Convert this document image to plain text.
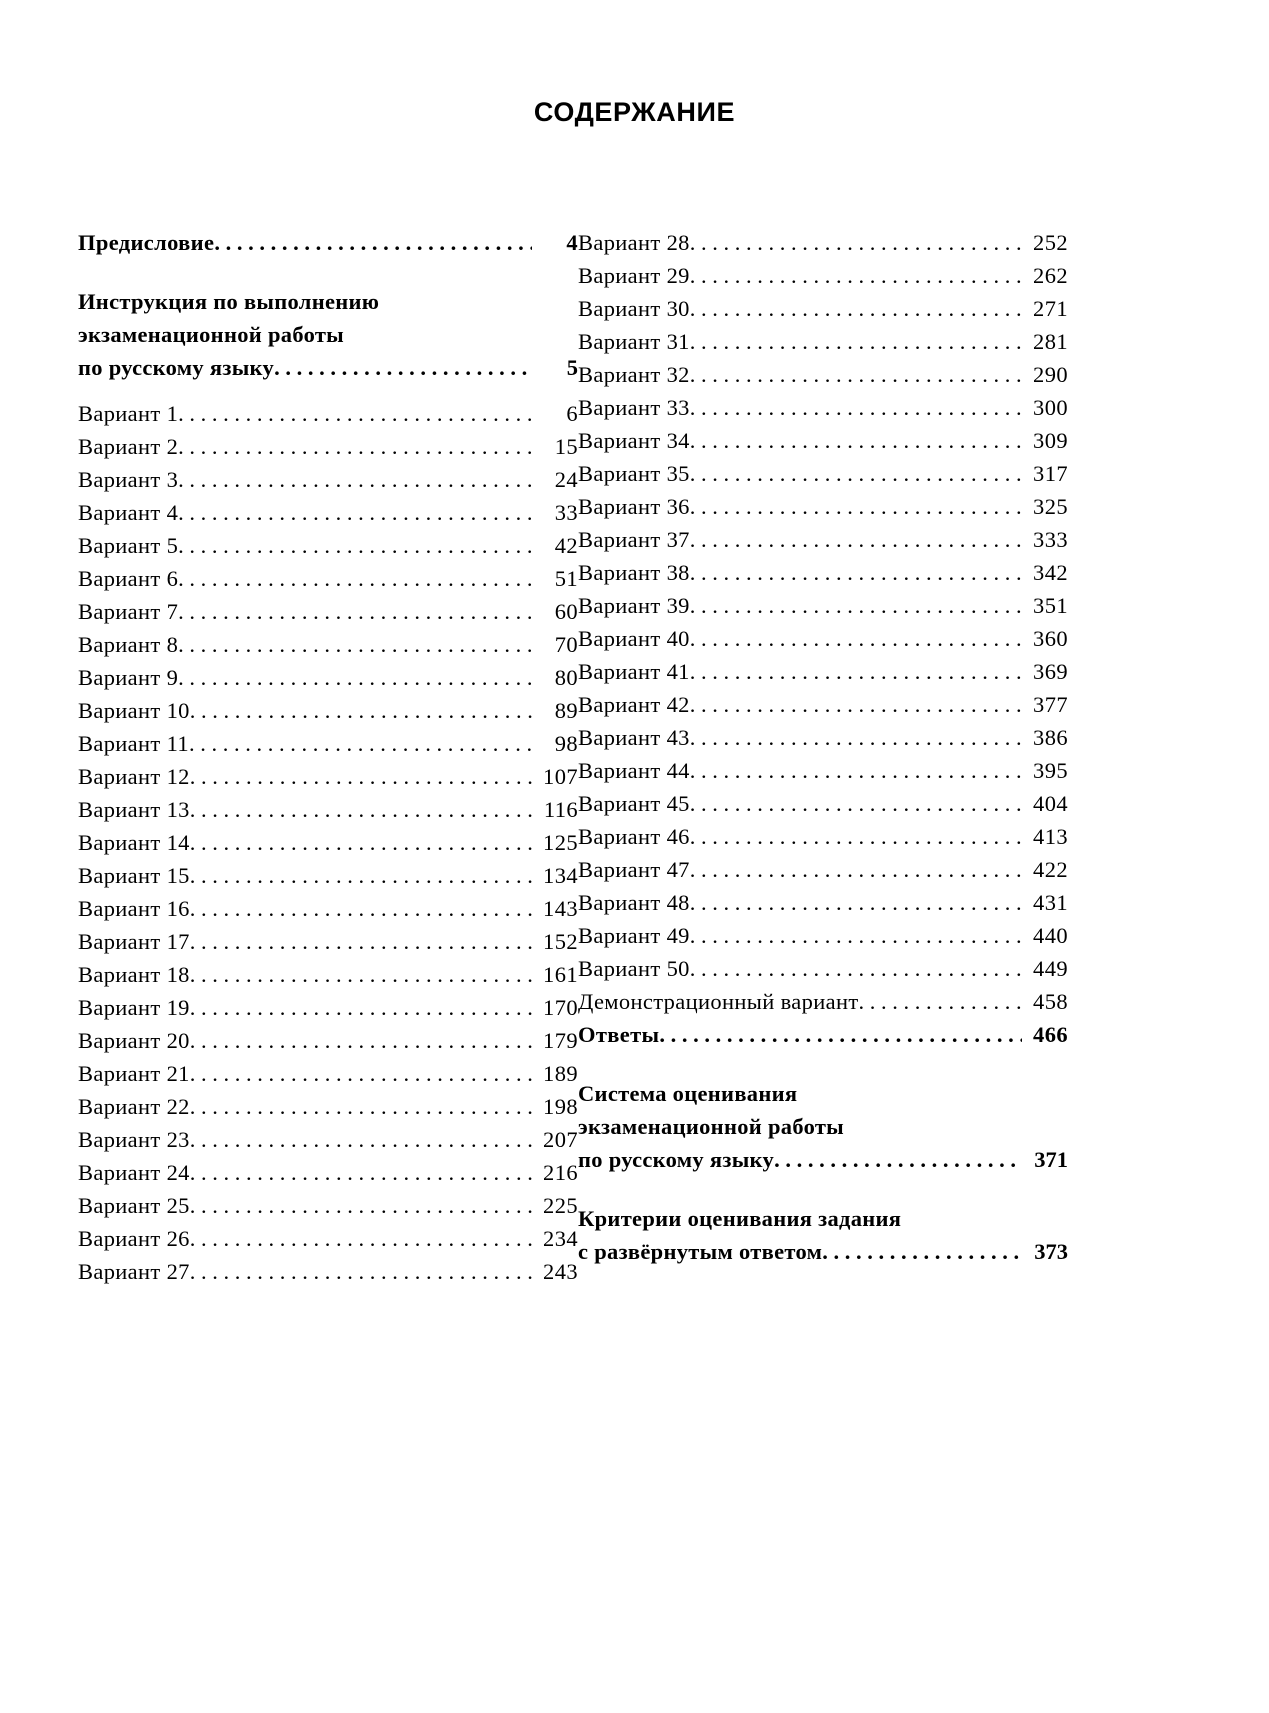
СОДЕРЖАНИЕ
Предисловие . . .	4
Инструкция по выполнению
экзаменационной работы
по русскому языку . . .	5
Вариант 1 . . .	6
Вариант 2 . . .	15
Вариант 3 . . .	24
Вариант 4 . . .	33
Вариант 5 . . .	42
Вариант 6 . . .	51
Вариант 7 . . .	60
Вариант 8 . . .	70
Вариант 9 . . .	80
Вариант 10 . . .	89
Вариант 11 . . .	98
Вариант 12 . . .	107
Вариант 13 . . .	116
Вариант 14 . . .	125
Вариант 15 . . .	134
Вариант 16 . . .	143
Вариант 17 . . .	152
Вариант 18 . . .	161
Вариант 19 . . .	170
Вариант 20 . . .	179
Вариант 21 . . .	189
Вариант 22 . . .	198
Вариант 23 . . .	207
Вариант 24 . . .	216
Вариант 25 . . .	225
Вариант 26 . . .	234
Вариант 27 . . .	243
Вариант 28 . . .	252
Вариант 29 . . .	262
Вариант 30 . . .	271
Вариант 31 . . .	281
Вариант 32 . . .	290
Вариант 33 . . .	300
Вариант 34 . . .	309
Вариант 35 . . .	317
Вариант 36 . . .	325
Вариант 37 . . .	333
Вариант 38 . . .	342
Вариант 39 . . .	351
Вариант 40 . . .	360
Вариант 41 . . .	369
Вариант 42 . . .	377
Вариант 43 . . .	386
Вариант 44 . . .	395
Вариант 45 . . .	404
Вариант 46 . . .	413
Вариант 47 . . .	422
Вариант 48 . . .	431
Вариант 49 . . .	440
Вариант 50 . . .	449
Демонстрационный вариант . . .	458
Ответы . . .	466
Система оценивания
экзаменационной работы
по русскому языку . . .	371
Критерии оценивания задания
с развёрнутым ответом . . .	373
